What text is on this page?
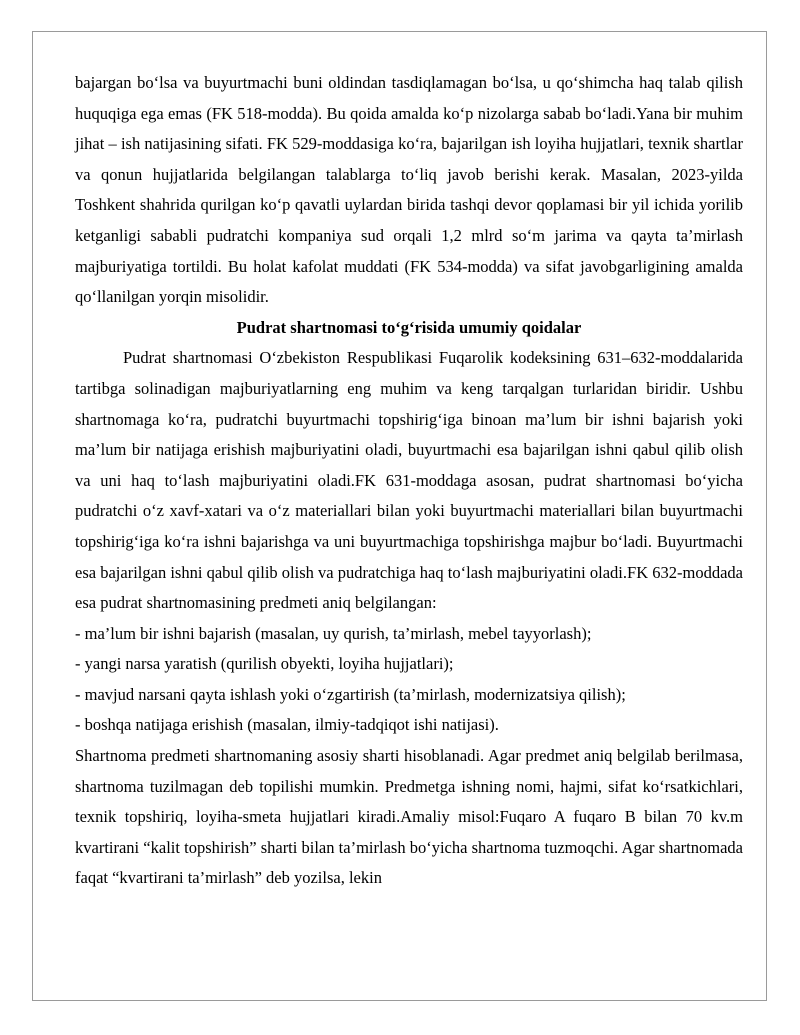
bajargan bo‘lsa va buyurtmachi buni oldindan tasdiqlamagan bo‘lsa, u qo‘shimcha haq talab qilish huquqiga ega emas (FK 518-modda). Bu qoida amalda ko‘p nizolarga sabab bo‘ladi.Yana bir muhim jihat – ish natijasining sifati. FK 529-moddasiga ko‘ra, bajarilgan ish loyiha hujjatlari, texnik shartlar va qonun hujjatlarida belgilangan talablarga to‘liq javob berishi kerak. Masalan, 2023-yilda Toshkent shahrida qurilgan ko‘p qavatli uylardan birida tashqi devor qoplamasi bir yil ichida yorilib ketganligi sababli pudratchi kompaniya sud orqali 1,2 mlrd so‘m jarima va qayta ta’mirlash majburiyatiga tortildi. Bu holat kafolat muddati (FK 534-modda) va sifat javobgarligining amalda qo‘llanilgan yorqin misolidir.

Pudrat shartnomasi to‘g‘risida umumiy qoidalar

Pudrat shartnomasi O‘zbekiston Respublikasi Fuqarolik kodeksining 631–632-moddalarida tartibga solinadigan majburiyatlarning eng muhim va keng tarqalgan turlaridan biridir. Ushbu shartnomaga ko‘ra, pudratchi buyurtmachi topshirig‘iga binoan ma’lum bir ishni bajarish yoki ma’lum bir natijaga erishish majburiyatini oladi, buyurtmachi esa bajarilgan ishni qabul qilib olish va uni haq to‘lash majburiyatini oladi.FK 631-moddaga asosan, pudrat shartnomasi bo‘yicha pudratchi o‘z xavf-xatari va o‘z materiallari bilan yoki buyurtmachi materiallari bilan buyurtmachi topshirig‘iga ko‘ra ishni bajarishga va uni buyurtmachiga topshirishga majbur bo‘ladi. Buyurtmachi esa bajarilgan ishni qabul qilib olish va pudratchiga haq to‘lash majburiyatini oladi.FK 632-moddada esa pudrat shartnomasining predmeti aniq belgilangan:

- ma’lum bir ishni bajarish (masalan, uy qurish, ta’mirlash, mebel tayyorlash);

- yangi narsa yaratish (qurilish obyekti, loyiha hujjatlari);

- mavjud narsani qayta ishlash yoki o‘zgartirish (ta’mirlash, modernizatsiya qilish);

- boshqa natijaga erishish (masalan, ilmiy-tadqiqot ishi natijasi).

Shartnoma predmeti shartnomaning asosiy sharti hisoblanadi. Agar predmet aniq belgilab berilmasa, shartnoma tuzilmagan deb topilishi mumkin. Predmetga ishning nomi, hajmi, sifat ko‘rsatkichlari, texnik topshiriq, loyiha-smeta hujjatlari kiradi.Amaliy misol:Fuqaro A fuqaro B bilan 70 kv.m kvartirani “kalit topshirish” sharti bilan ta’mirlash bo‘yicha shartnoma tuzmoqchi. Agar shartnomada faqat “kvartirani ta’mirlash” deb yozilsa, lekin
